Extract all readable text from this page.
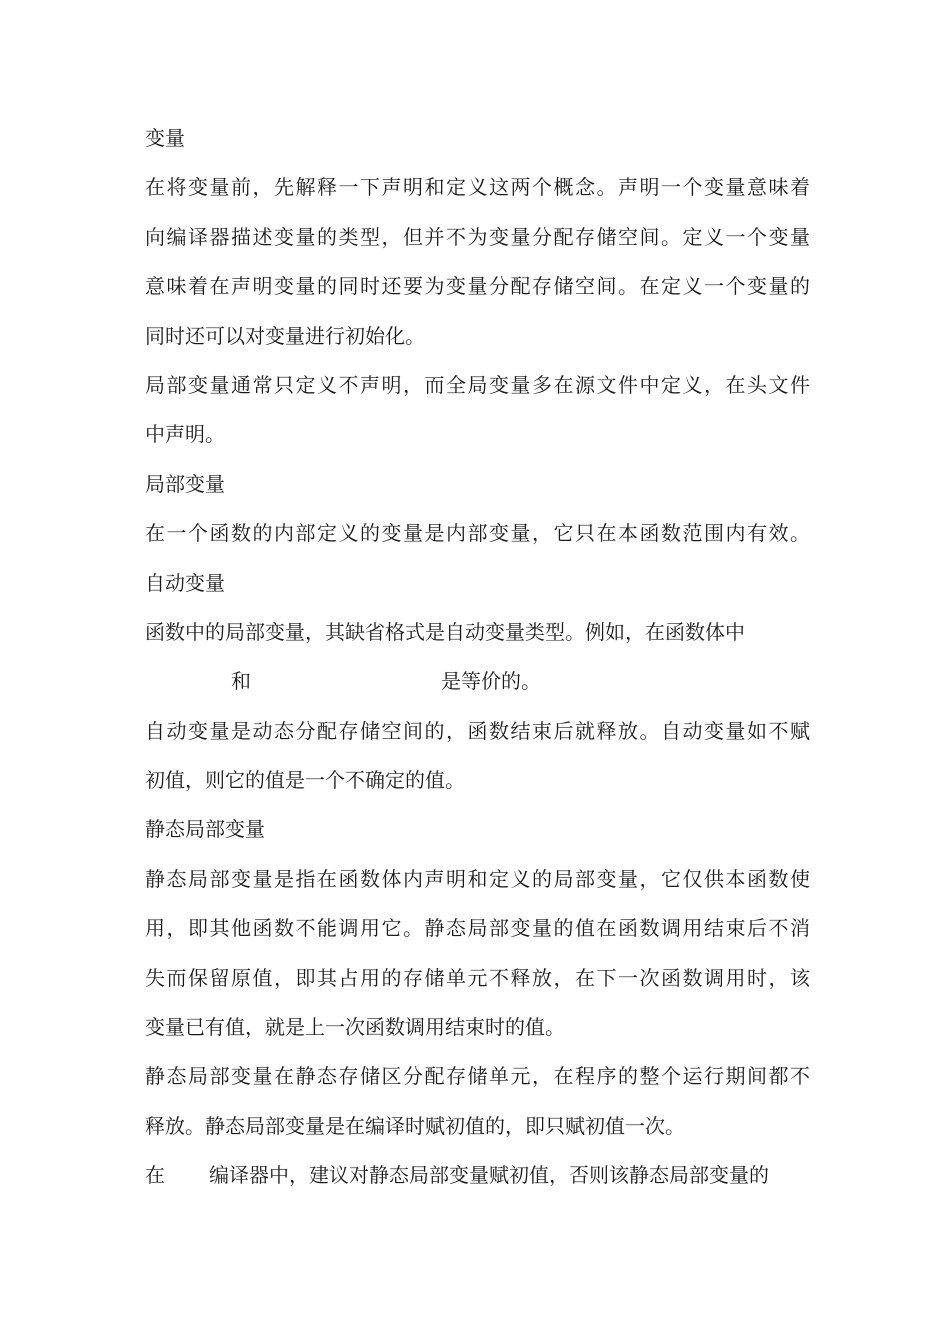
变量
在将变量前，先解释一下声明和定义这两个概念。声明一个变量意味着
向编译器描述变量的类型，但并不为变量分配存储空间。定义一个变量
意味着在声明变量的同时还要为变量分配存储空间。在定义一个变量的
同时还可以对变量进行初始化。
局部变量通常只定义不声明，而全局变量多在源文件中定义，在头文件
中声明。
局部变量
在一个函数的内部定义的变量是内部变量，它只在本函数范围内有效。
自动变量
函数中的局部变量，其缺省格式是自动变量类型。例如，在函数体中
和	是等价的。
自动变量是动态分配存储空间的，函数结束后就释放。自动变量如不赋
初值，则它的值是一个不确定的值。
静态局部变量
静态局部变量是指在函数体内声明和定义的局部变量，它仅供本函数使
用，即其他函数不能调用它。静态局部变量的值在函数调用结束后不消
失而保留原值，即其占用的存储单元不释放，在下一次函数调用时，该
变量已有值，就是上一次函数调用结束时的值。
静态局部变量在静态存储区分配存储单元，在程序的整个运行期间都不
释放。静态局部变量是在编译时赋初值的，即只赋初值一次。
在 编译器中，建议对静态局部变量赋初值，否则该静态局部变量的
